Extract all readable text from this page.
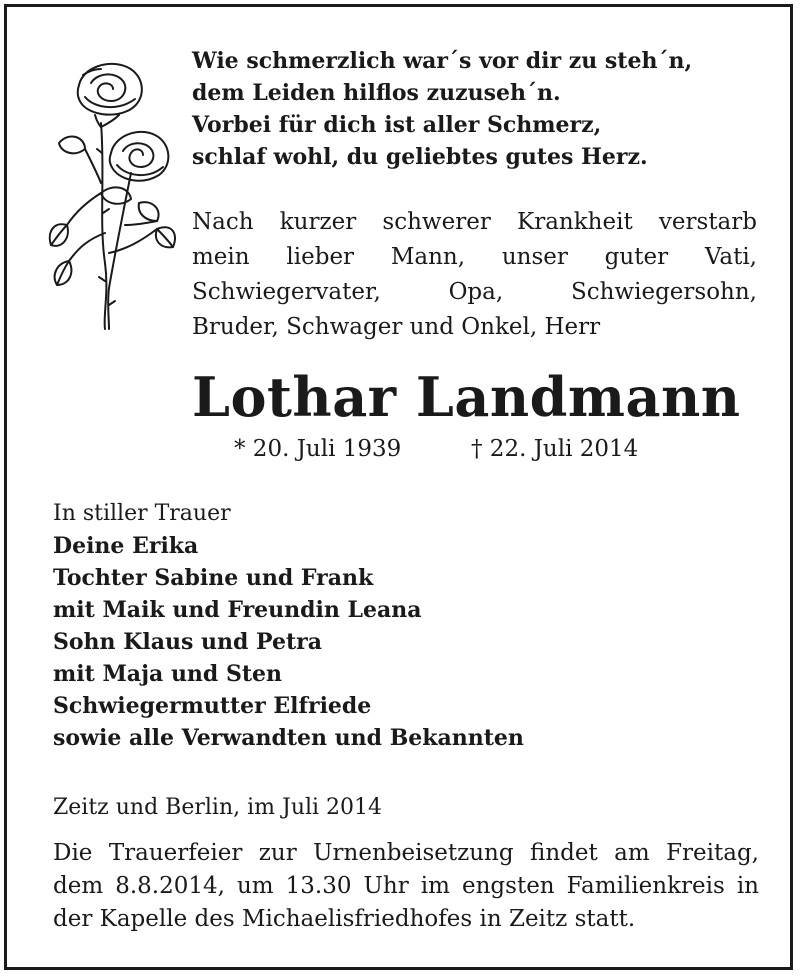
Wie schmerzlich war´s vor dir zu steh´n,
dem Leiden hilflos zuzuseh´n.
Vorbei für dich ist aller Schmerz,
schlaf wohl, du geliebtes gutes Herz.
Nach kurzer schwerer Krankheit verstarb
mein lieber Mann, unser guter Vati,
Schwiegervater, Opa, Schwiegersohn,
Bruder, Schwager und Onkel, Herr
Lothar Landmann
* 20. Juli 1939	† 22. Juli 2014
In stiller Trauer
Deine Erika
Tochter Sabine und Frank
mit Maik und Freundin Leana
Sohn Klaus und Petra
mit Maja und Sten
Schwiegermutter Elfriede
sowie alle Verwandten und Bekannten
Zeitz und Berlin, im Juli 2014
Die Trauerfeier zur Urnenbeisetzung findet am Freitag,
dem 8.8.2014, um 13.30 Uhr im engsten Familienkreis in
der Kapelle des Michaelisfriedhofes in Zeitz statt.
